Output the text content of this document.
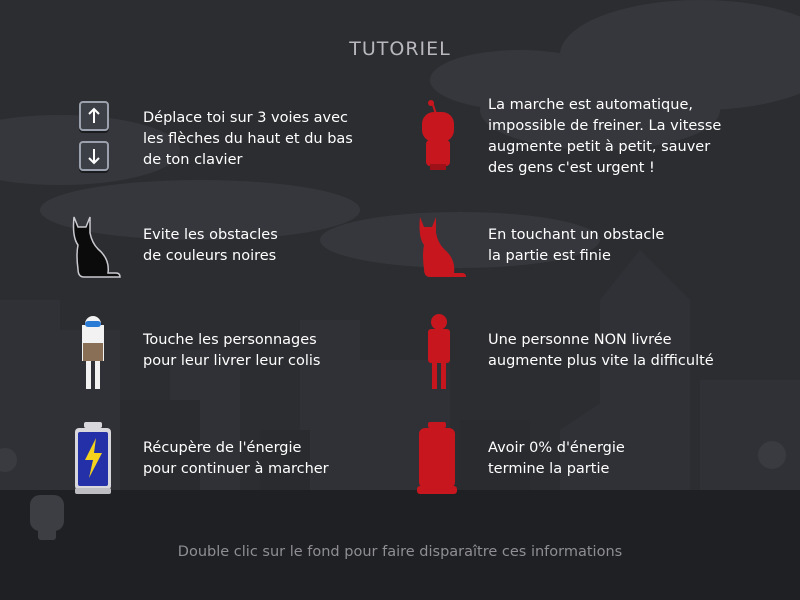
TUTORIEL
Déplace toi sur 3 voies avec
les flèches du haut et du bas
de ton clavier
Evite les obstacles
de couleurs noires
Touche les personnages
pour leur livrer leur colis
Récupère de l'énergie
pour continuer à marcher
La marche est automatique,
impossible de freiner. La vitesse
augmente petit à petit, sauver
des gens c'est urgent !
En touchant un obstacle
la partie est finie
Une personne NON livrée
augmente plus vite la difficulté
Avoir 0% d'énergie
termine la partie
Double clic sur le fond pour faire disparaître ces informations
